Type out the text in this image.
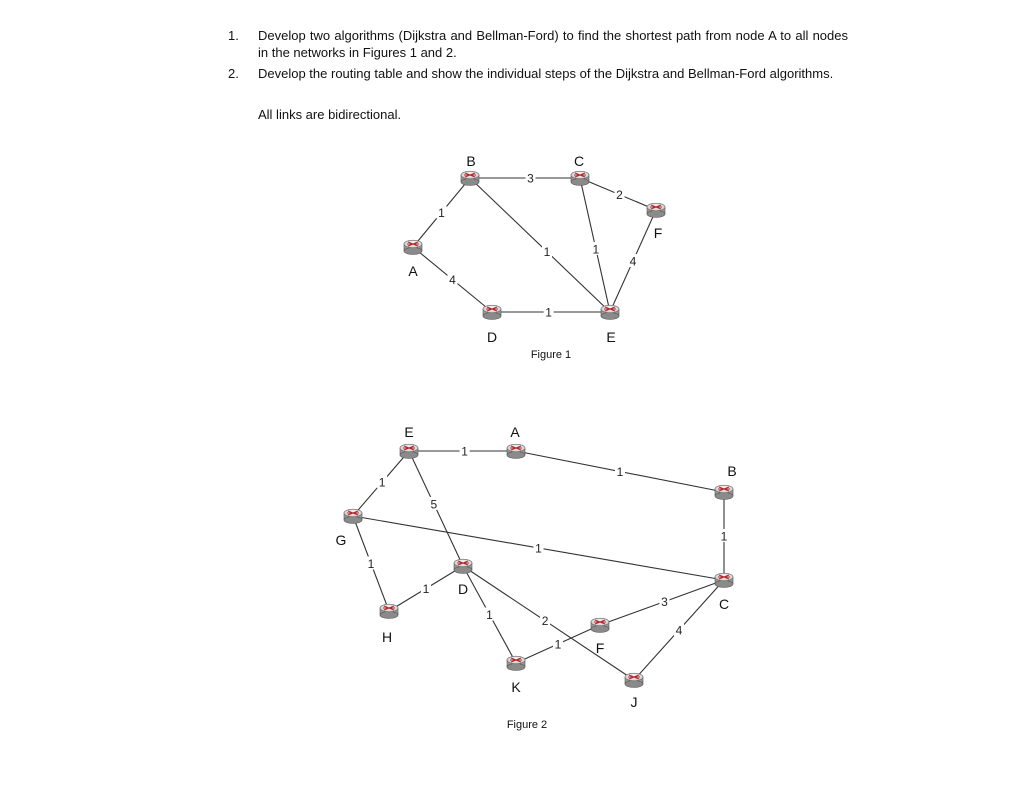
1. Develop two algorithms (Dijkstra and Bellman-Ford) to find the shortest path from node A to all nodes in the networks in Figures 1 and 2.
2. Develop the routing table and show the individual steps of the Dijkstra and Bellman-Ford algorithms.
All links are bidirectional.
1
4
3
1	1
2
4
1
A
B	C
D	E
F
Figure 1
1
1
1
1
1
1
1
5
1	2
1
3
4
A
B
C
D
E
F
G
H
J
K
Figure 2
